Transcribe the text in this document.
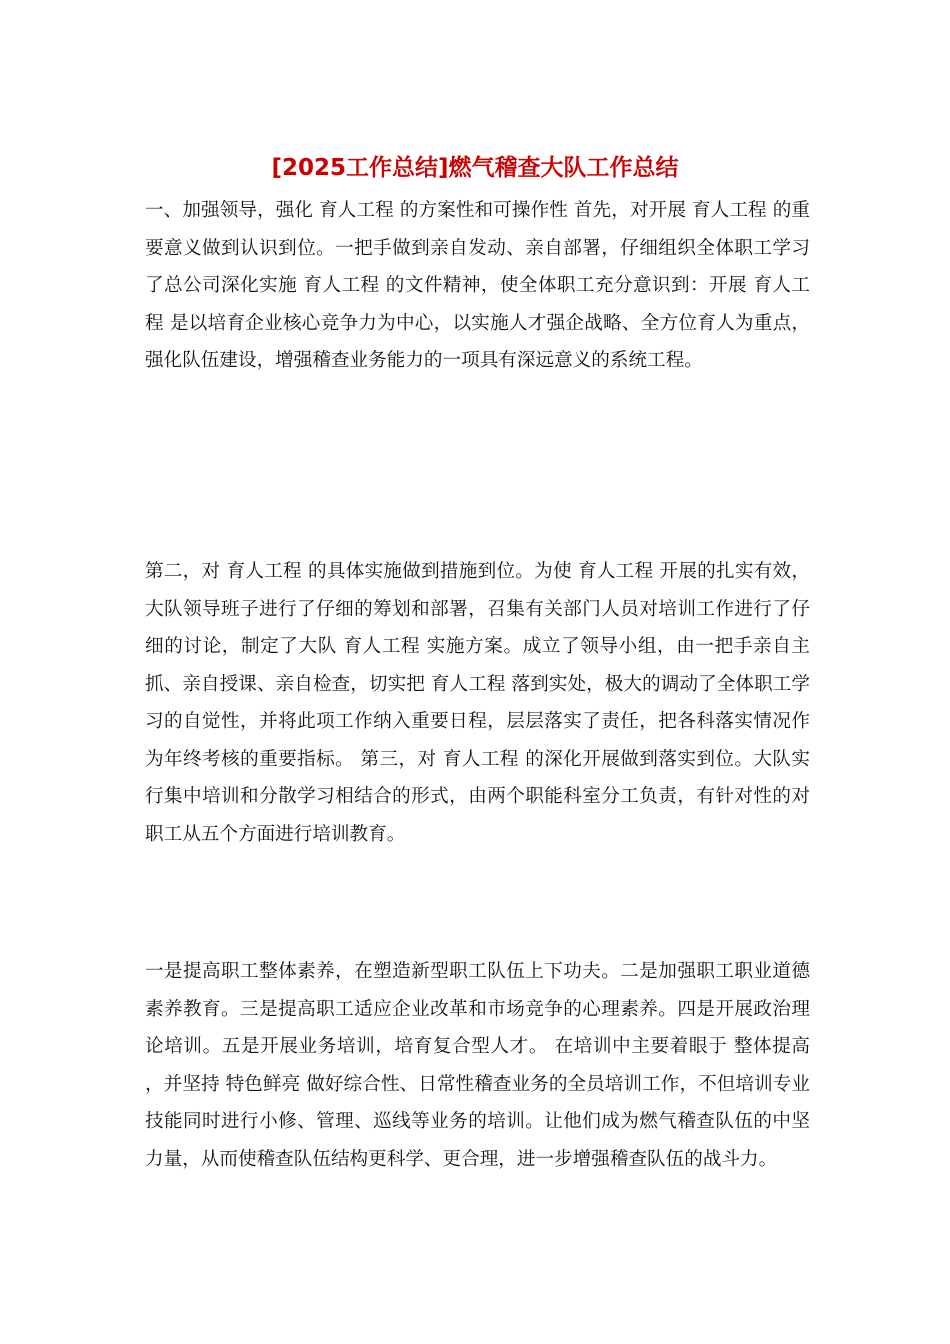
[2025工作总结]燃气稽查大队工作总结

一、加强领导，强化 育人工程 的方案性和可操作性 首先，对开展 育人工程 的重要意义做到认识到位。一把手做到亲自发动、亲自部署，仔细组织全体职工学习了总公司深化实施 育人工程 的文件精神，使全体职工充分意识到：开展 育人工程 是以培育企业核心竞争力为中心，以实施人才强企战略、全方位育人为重点，强化队伍建设，增强稽查业务能力的一项具有深远意义的系统工程。

第二，对 育人工程 的具体实施做到措施到位。为使 育人工程 开展的扎实有效，大队领导班子进行了仔细的筹划和部署，召集有关部门人员对培训工作进行了仔细的讨论，制定了大队 育人工程 实施方案。成立了领导小组，由一把手亲自主抓、亲自授课、亲自检查，切实把 育人工程 落到实处，极大的调动了全体职工学习的自觉性，并将此项工作纳入重要日程，层层落实了责任，把各科落实情况作为年终考核的重要指标。 第三，对 育人工程 的深化开展做到落实到位。大队实行集中培训和分散学习相结合的形式，由两个职能科室分工负责，有针对性的对职工从五个方面进行培训教育。

一是提高职工整体素养，在塑造新型职工队伍上下功夫。二是加强职工职业道德素养教育。三是提高职工适应企业改革和市场竞争的心理素养。四是开展政治理论培训。五是开展业务培训，培育复合型人才。 在培训中主要着眼于 整体提高 ，并坚持 特色鲜亮 做好综合性、日常性稽查业务的全员培训工作，不但培训专业技能同时进行小修、管理、巡线等业务的培训。让他们成为燃气稽查队伍的中坚力量，从而使稽查队伍结构更科学、更合理，进一步增强稽查队伍的战斗力。
